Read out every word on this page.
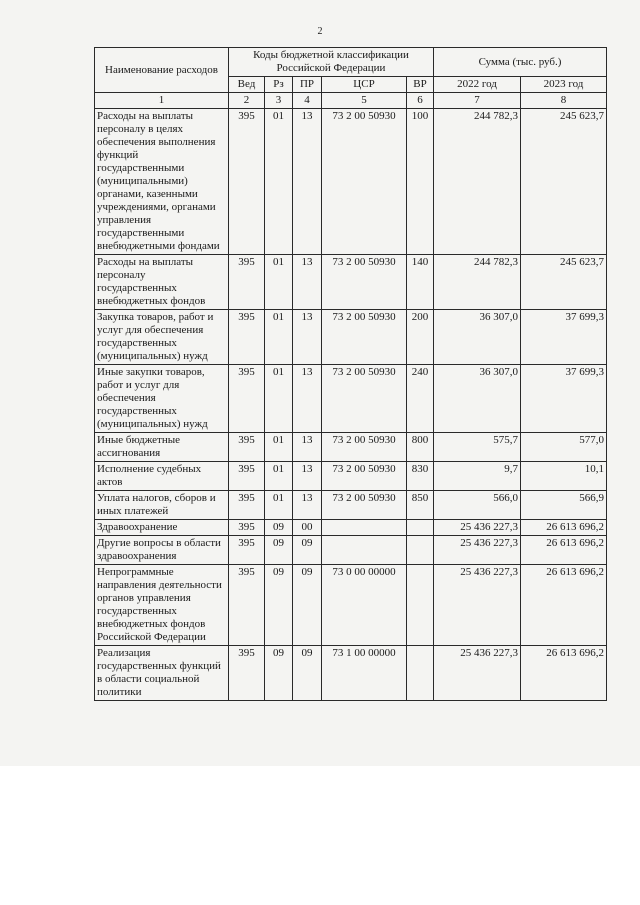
2
Наименование расходов	Коды бюджетной классификации Российской Федерации					Сумма (тыс. руб.)	
	Вед	Рз	ПР	ЦСР	ВР	2022 год	2023 год
1	2	3	4	5	6	7	8
Расходы на выплаты персоналу в целях обеспечения выполнения функций государственными (муниципальными) органами, казенными учреждениями, органами управления государственными внебюджетными фондами	395	01	13	73 2 00 50930	100	244 782,3	245 623,7
Расходы на выплаты персоналу государственных внебюджетных фондов	395	01	13	73 2 00 50930	140	244 782,3	245 623,7
Закупка товаров, работ и услуг для обеспечения государственных (муниципальных) нужд	395	01	13	73 2 00 50930	200	36 307,0	37 699,3
Иные закупки товаров, работ и услуг для обеспечения государственных (муниципальных) нужд	395	01	13	73 2 00 50930	240	36 307,0	37 699,3
Иные бюджетные ассигнования	395	01	13	73 2 00 50930	800	575,7	577,0
Исполнение судебных актов	395	01	13	73 2 00 50930	830	9,7	10,1
Уплата налогов, сборов и иных платежей	395	01	13	73 2 00 50930	850	566,0	566,9
Здравоохранение	395	09	00			25 436 227,3	26 613 696,2
Другие вопросы в области здравоохранения	395	09	09			25 436 227,3	26 613 696,2
Непрограммные направления деятельности органов управления государственных внебюджетных фондов Российской Федерации	395	09	09	73 0 00 00000		25 436 227,3	26 613 696,2
Реализация государственных функций в области социальной политики	395	09	09	73 1 00 00000		25 436 227,3	26 613 696,2
